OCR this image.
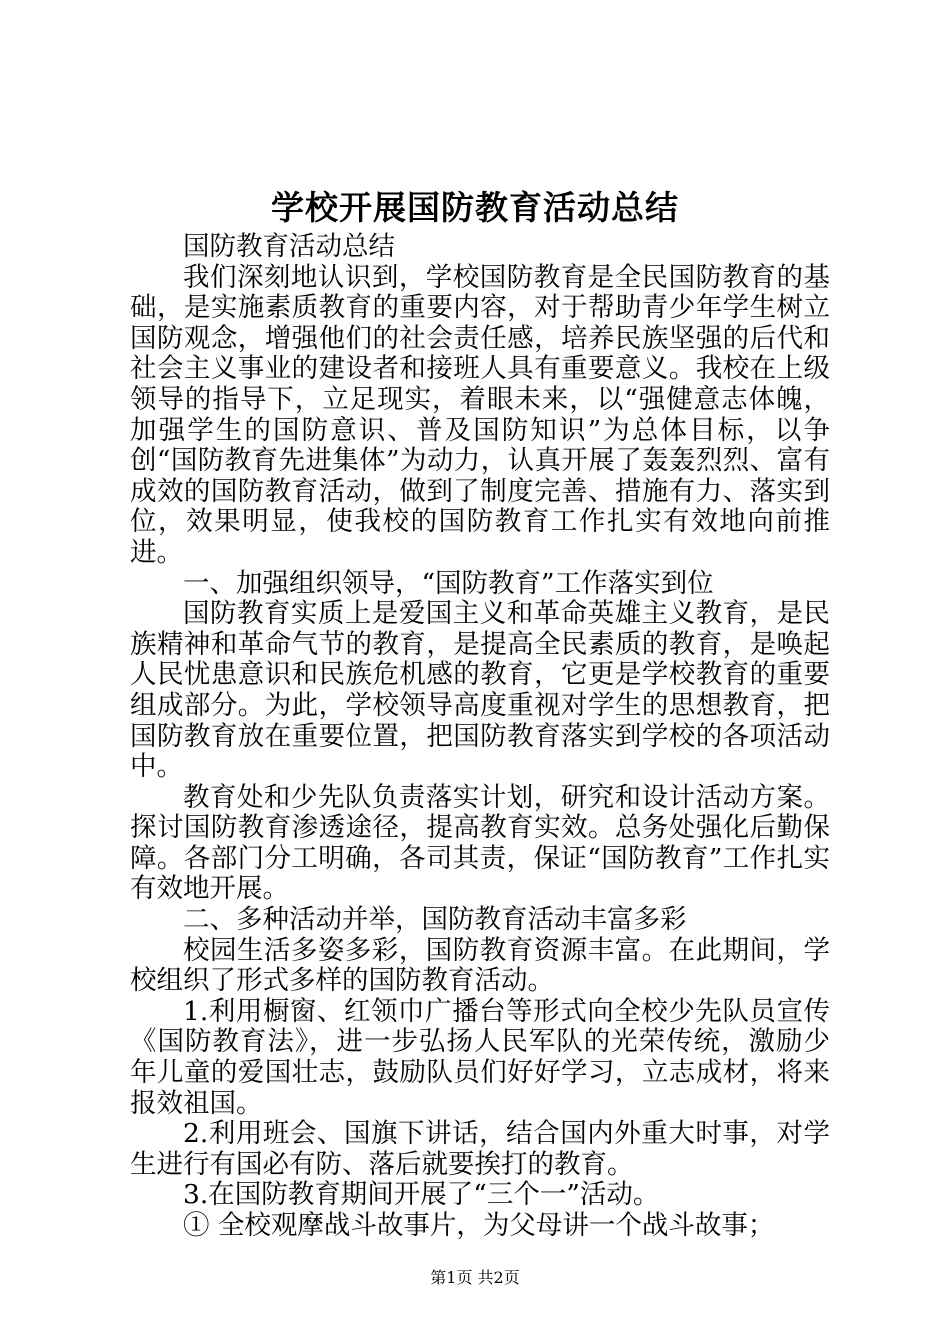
学校开展国防教育活动总结

国防教育活动总结

我们深刻地认识到，学校国防教育是全民国防教育的基础，是实施素质教育的重要内容，对于帮助青少年学生树立国防观念，增强他们的社会责任感，培养民族坚强的后代和社会主义事业的建设者和接班人具有重要意义。我校在上级领导的指导下，立足现实，着眼未来，以“强健意志体魄，加强学生的国防意识、普及国防知识”为总体目标，以争创“国防教育先进集体”为动力，认真开展了轰轰烈烈、富有成效的国防教育活动，做到了制度完善、措施有力、落实到位，效果明显，使我校的国防教育工作扎实有效地向前推进。

一、加强组织领导，“国防教育”工作落实到位

国防教育实质上是爱国主义和革命英雄主义教育，是民族精神和革命气节的教育，是提高全民素质的教育，是唤起人民忧患意识和民族危机感的教育，它更是学校教育的重要组成部分。为此，学校领导高度重视对学生的思想教育，把国防教育放在重要位置，把国防教育落实到学校的各项活动中。

教育处和少先队负责落实计划，研究和设计活动方案。探讨国防教育渗透途径，提高教育实效。总务处强化后勤保障。各部门分工明确，各司其责，保证“国防教育”工作扎实有效地开展。

二、多种活动并举，国防教育活动丰富多彩

校园生活多姿多彩，国防教育资源丰富。在此期间，学校组织了形式多样的国防教育活动。

1.利用橱窗、红领巾广播台等形式向全校少先队员宣传《国防教育法》，进一步弘扬人民军队的光荣传统，激励少年儿童的爱国壮志，鼓励队员们好好学习，立志成材，将来报效祖国。

2.利用班会、国旗下讲话，结合国内外重大时事，对学生进行有国必有防、落后就要挨打的教育。

3.在国防教育期间开展了“三个一”活动。

① 全校观摩战斗故事片，为父母讲一个战斗故事；

第1页 共2页
